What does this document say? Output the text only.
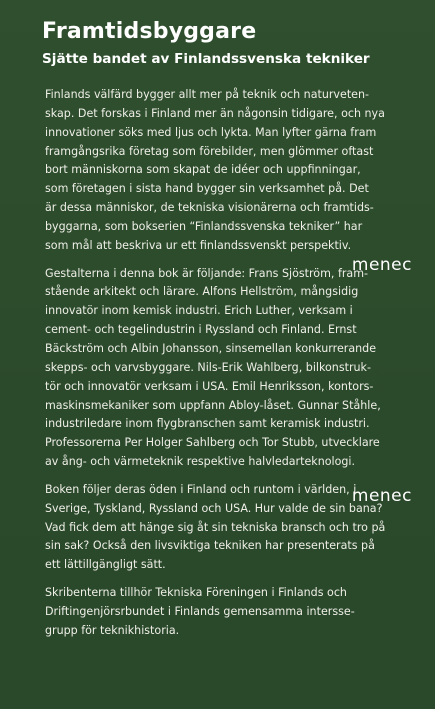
Framtidsbyggare
Sjätte bandet av Finlandssvenska tekniker

Finlands välfärd bygger allt mer på teknik och naturveten-
skap. Det forskas i Finland mer än någonsin tidigare, och nya
innovationer söks med ljus och lykta. Man lyfter gärna fram
framgångsrika företag som förebilder, men glömmer oftast
bort människorna som skapat de idéer och uppfinningar,
som företagen i sista hand bygger sin verksamhet på. Det
är dessa människor, de tekniska visionärerna och framtids-
byggarna, som bokserien “Finlandssvenska tekniker” har
som mål att beskriva ur ett finlandssvenskt perspektiv.

Gestalterna i denna bok är följande: Frans Sjöström, fram-
stående arkitekt och lärare. Alfons Hellström, mångsidig
innovatör inom kemisk industri. Erich Luther, verksam i
cement- och tegelindustrin i Ryssland och Finland. Ernst
Bäckström och Albin Johansson, sinsemellan konkurrerande
skepps- och varvsbyggare. Nils-Erik Wahlberg, bilkonstruk-
tör och innovatör verksam i USA. Emil Henriksson, kontors-
maskinsmekaniker som uppfann Abloy-låset. Gunnar Ståhle,
industriledare inom flygbranschen samt keramisk industri.
Professorerna Per Holger Sahlberg och Tor Stubb, utvecklare
av ång- och värmeteknik respektive halvledarteknologi.

Boken följer deras öden i Finland och runtom i världen, i
Sverige, Tyskland, Ryssland och USA. Hur valde de sin bana?
Vad fick dem att hänge sig åt sin tekniska bransch och tro på
sin sak? Också den livsviktiga tekniken har presenterats på
ett lättillgängligt sätt.

Skribenterna tillhör Tekniska Föreningen i Finlands och
Driftingenjörsrbundet i Finlands gemensamma intersse-
grupp för teknikhistoria.

menec
menec
